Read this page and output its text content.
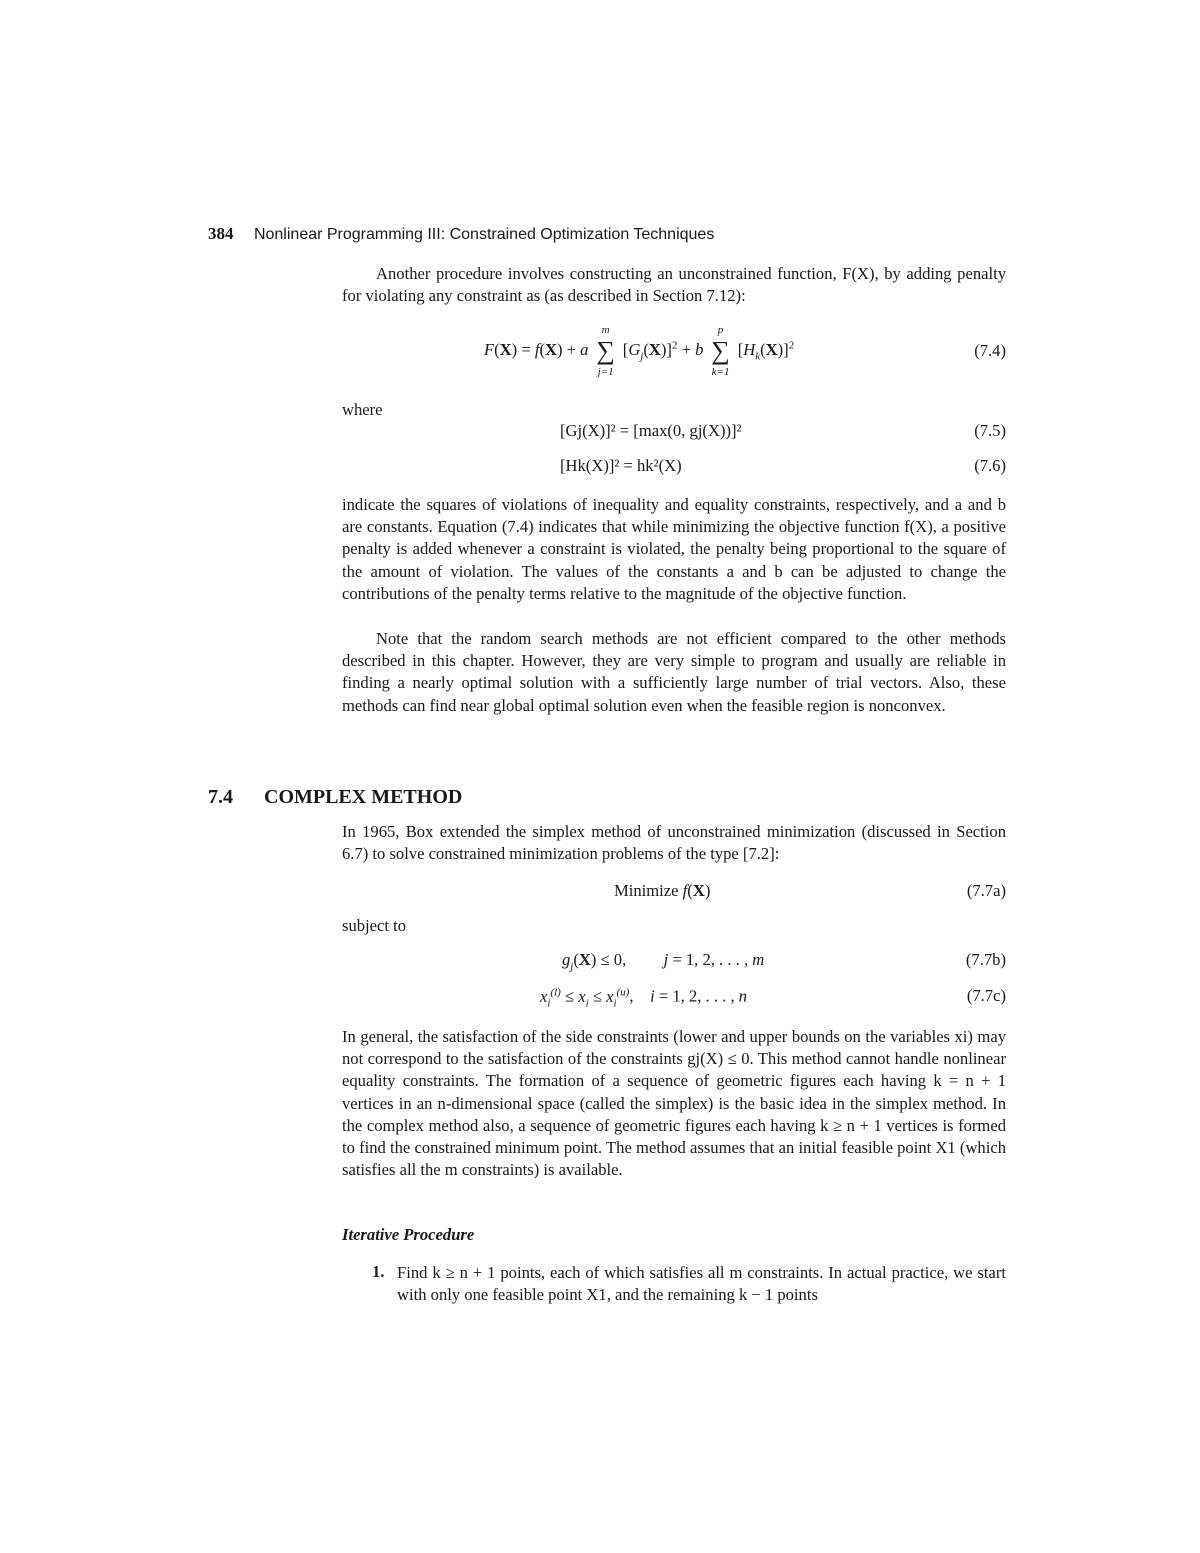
384 Nonlinear Programming III: Constrained Optimization Techniques

Another procedure involves constructing an unconstrained function, F(X), by adding penalty for violating any constraint as (as described in Section 7.12):

F(X) = f(X) + a
m
∑
j=1
$[G_j(X)]^2 + b$
p
∑
k=1
$[H_k(X)]^2$	(7.4)
where
[Gj(X)]² = [max(0, gj(X))]²	(7.5)
[Hk(X)]² = hk²(X)	(7.6)

indicate the squares of violations of inequality and equality constraints, respectively, and a and b are constants. Equation (7.4) indicates that while minimizing the objective function f(X), a positive penalty is added whenever a constraint is violated, the penalty being proportional to the square of the amount of violation. The values of the constants a and b can be adjusted to change the contributions of the penalty terms relative to the magnitude of the objective function.

Note that the random search methods are not efficient compared to the other methods described in this chapter. However, they are very simple to program and usually are reliable in finding a nearly optimal solution with a sufficiently large number of trial vectors. Also, these methods can find near global optimal solution even when the feasible region is nonconvex.

7.4 COMPLEX METHOD

In 1965, Box extended the simplex method of unconstrained minimization (discussed in Section 6.7) to solve constrained minimization problems of the type [7.2]:

Minimize f(X)	(7.7a)
subject to
$g_j(X) \le 0$,         j = 1, 2, . . . , m	(7.7b)
$x_i^{(l)} \le x_i \le x_i^{(u)}$,    i = 1, 2, . . . , n	(7.7c)

In general, the satisfaction of the side constraints (lower and upper bounds on the variables xi) may not correspond to the satisfaction of the constraints gj(X) ≤ 0. This method cannot handle nonlinear equality constraints. The formation of a sequence of geometric figures each having k = n + 1 vertices in an n-dimensional space (called the simplex) is the basic idea in the simplex method. In the complex method also, a sequence of geometric figures each having k ≥ n + 1 vertices is formed to find the constrained minimum point. The method assumes that an initial feasible point X1 (which satisfies all the m constraints) is available.

Iterative Procedure
1. Find k ≥ n + 1 points, each of which satisfies all m constraints. In actual practice, we start with only one feasible point X1, and the remaining k − 1 points
